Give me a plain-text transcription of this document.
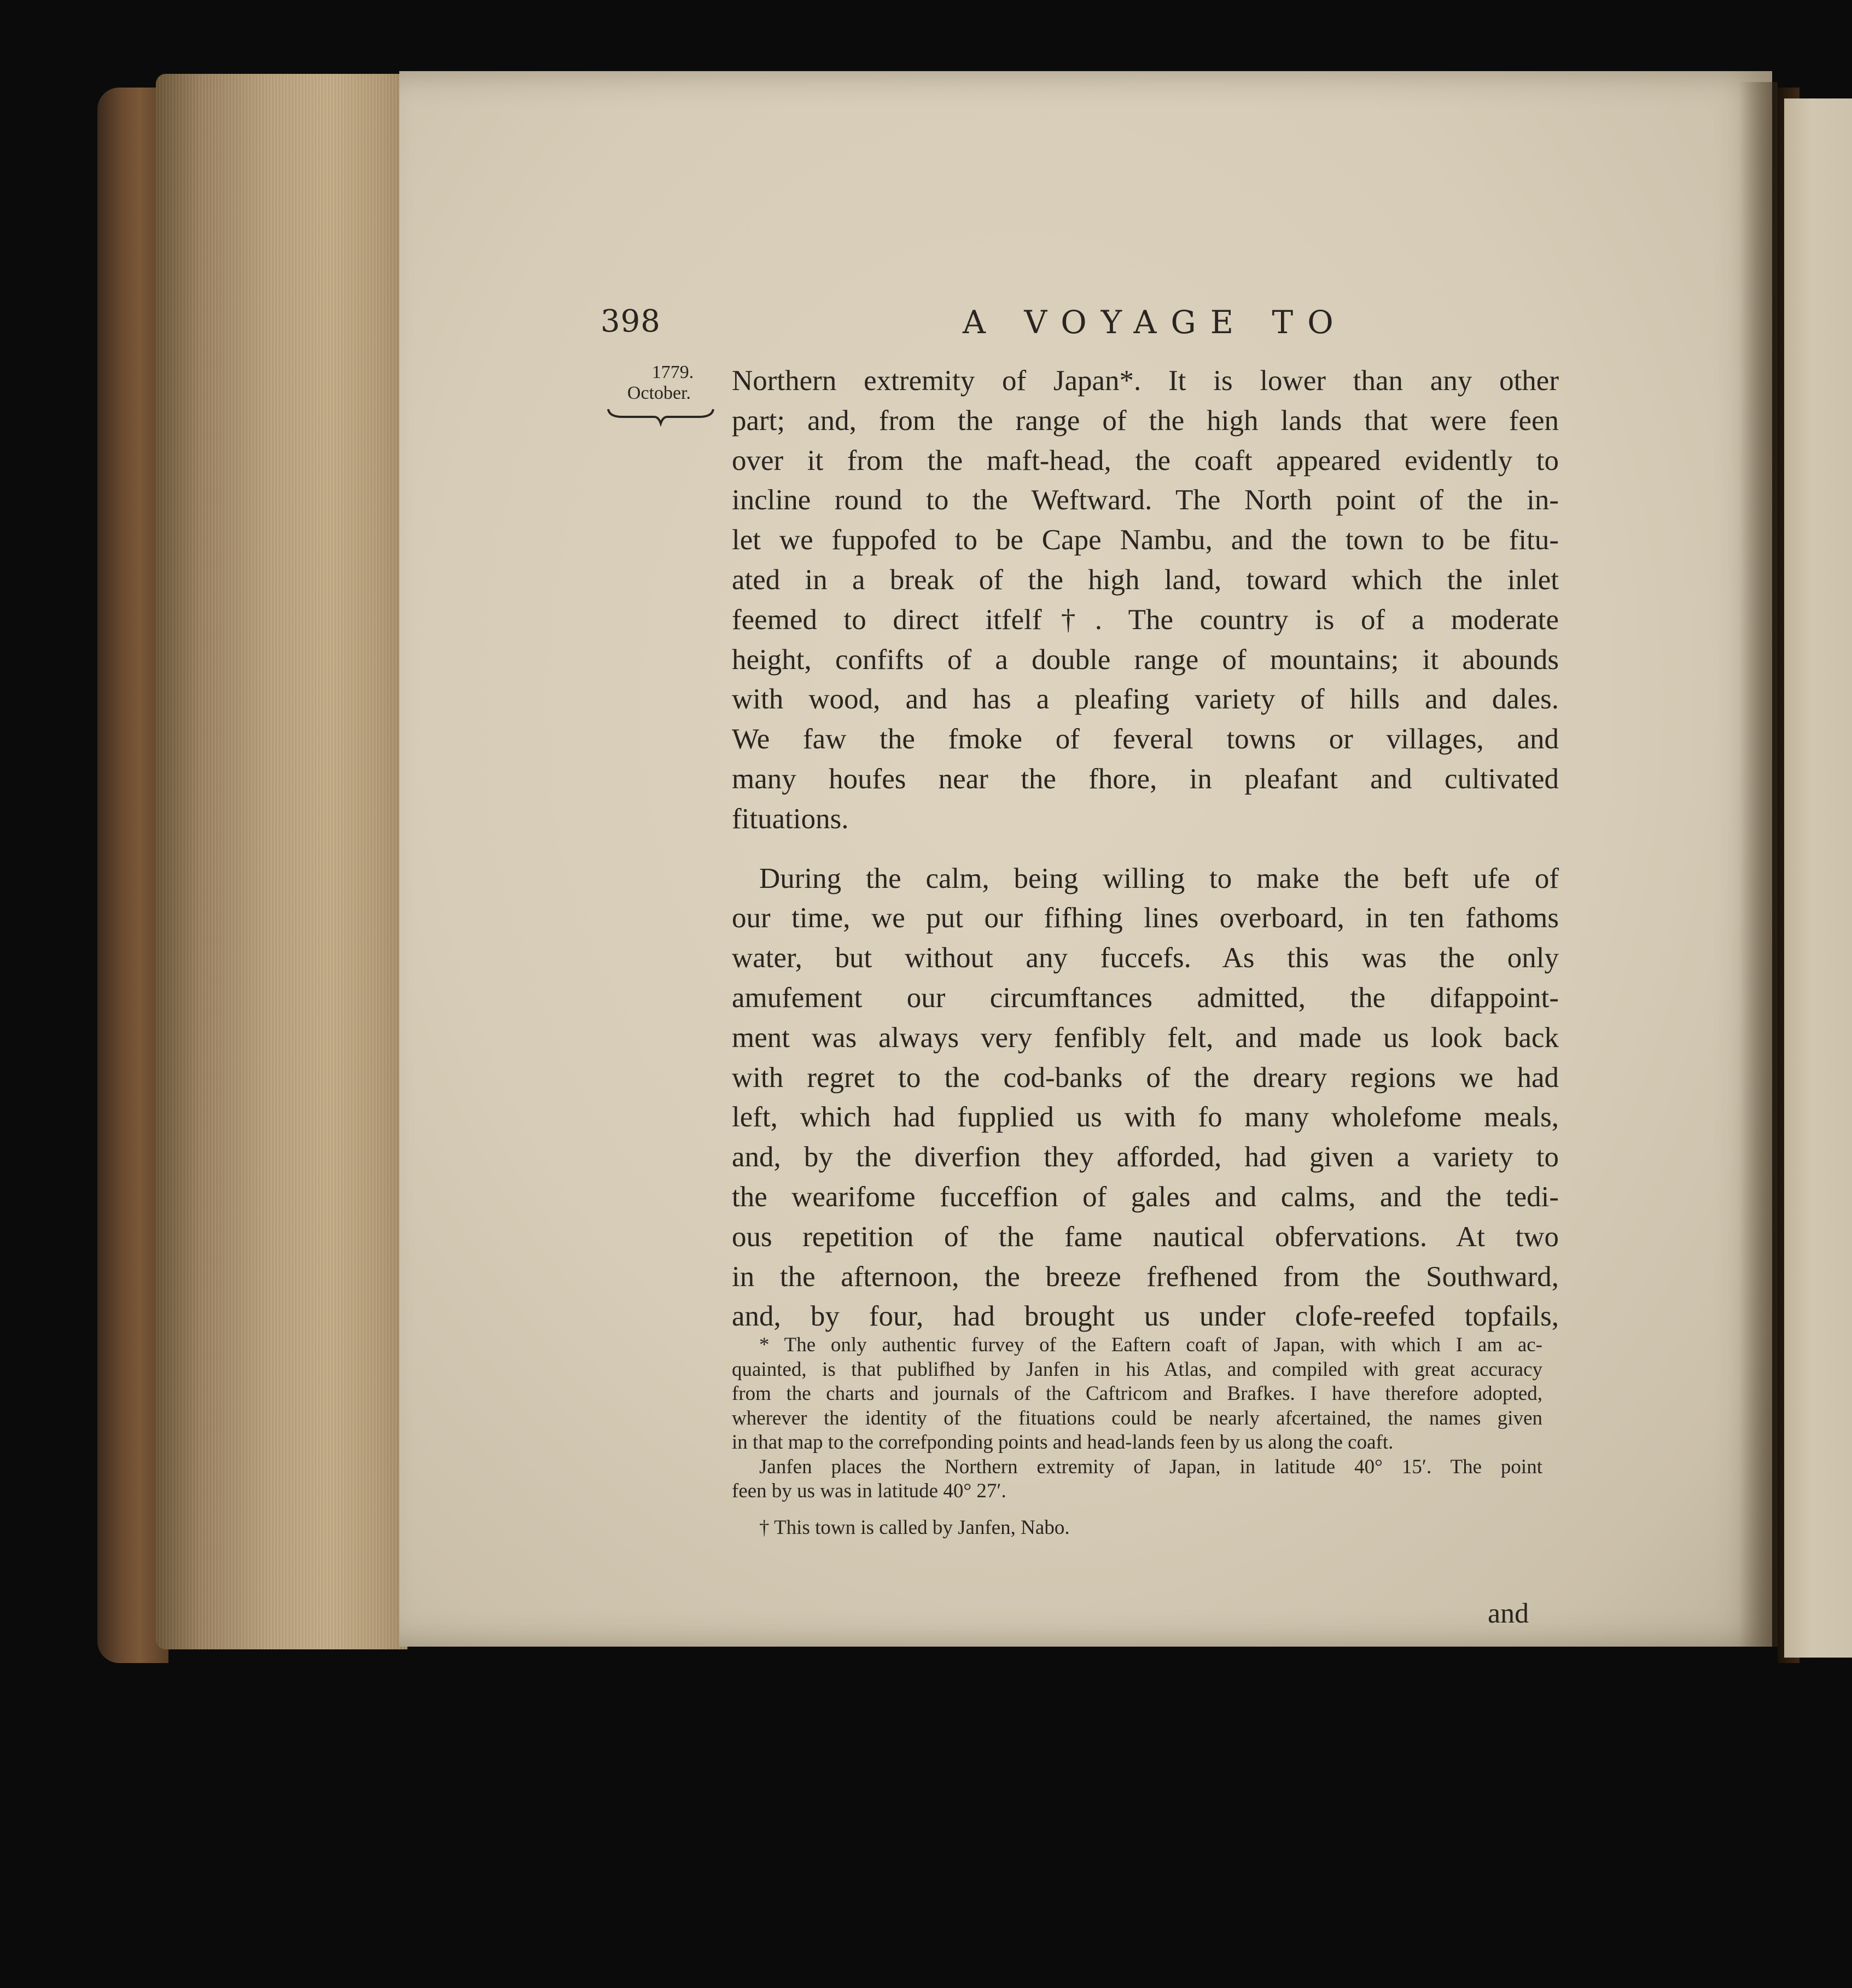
398	A VOYAGE TO
1779.
October.	Northern extremity of Japan*. It is lower than any other
part; and, from the range of the high lands that were feen
over it from the maft-head, the coaft appeared evidently to
incline round to the Weftward. The North point of the in-
let we fuppofed to be Cape Nambu, and the town to be fitu-
ated in a break of the high land, toward which the inlet
feemed to direct itfelf†. The country is of a moderate
height, confifts of a double range of mountains; it abounds
with wood, and has a pleafing variety of hills and dales.
We faw the fmoke of feveral towns or villages, and
many houfes near the fhore, in pleafant and cultivated
fituations.
During the calm, being willing to make the beft ufe of
our time, we put our fifhing lines overboard, in ten fathoms
water, but without any fuccefs. As this was the only
amufement our circumftances admitted, the difappoint-
ment was always very fenfibly felt, and made us look back
with regret to the cod-banks of the dreary regions we had
left, which had fupplied us with fo many wholefome meals,
and, by the diverfion they afforded, had given a variety to
the wearifome fucceffion of gales and calms, and the tedi-
ous repetition of the fame nautical obfervations. At two
in the afternoon, the breeze frefhened from the Southward,
and, by four, had brought us under clofe-reefed topfails,
* The only authentic furvey of the Eaftern coaft of Japan, with which I am ac-
quainted, is that publifhed by Janfen in his Atlas, and compiled with great accuracy
from the charts and journals of the Caftricom and Brafkes. I have therefore adopted,
wherever the identity of the fituations could be nearly afcertained, the names given
in that map to the correfponding points and head-lands feen by us along the coaft.
Janfen places the Northern extremity of Japan, in latitude 40° 15′. The point
feen by us was in latitude 40° 27′.
† This town is called by Janfen, Nabo.
and
